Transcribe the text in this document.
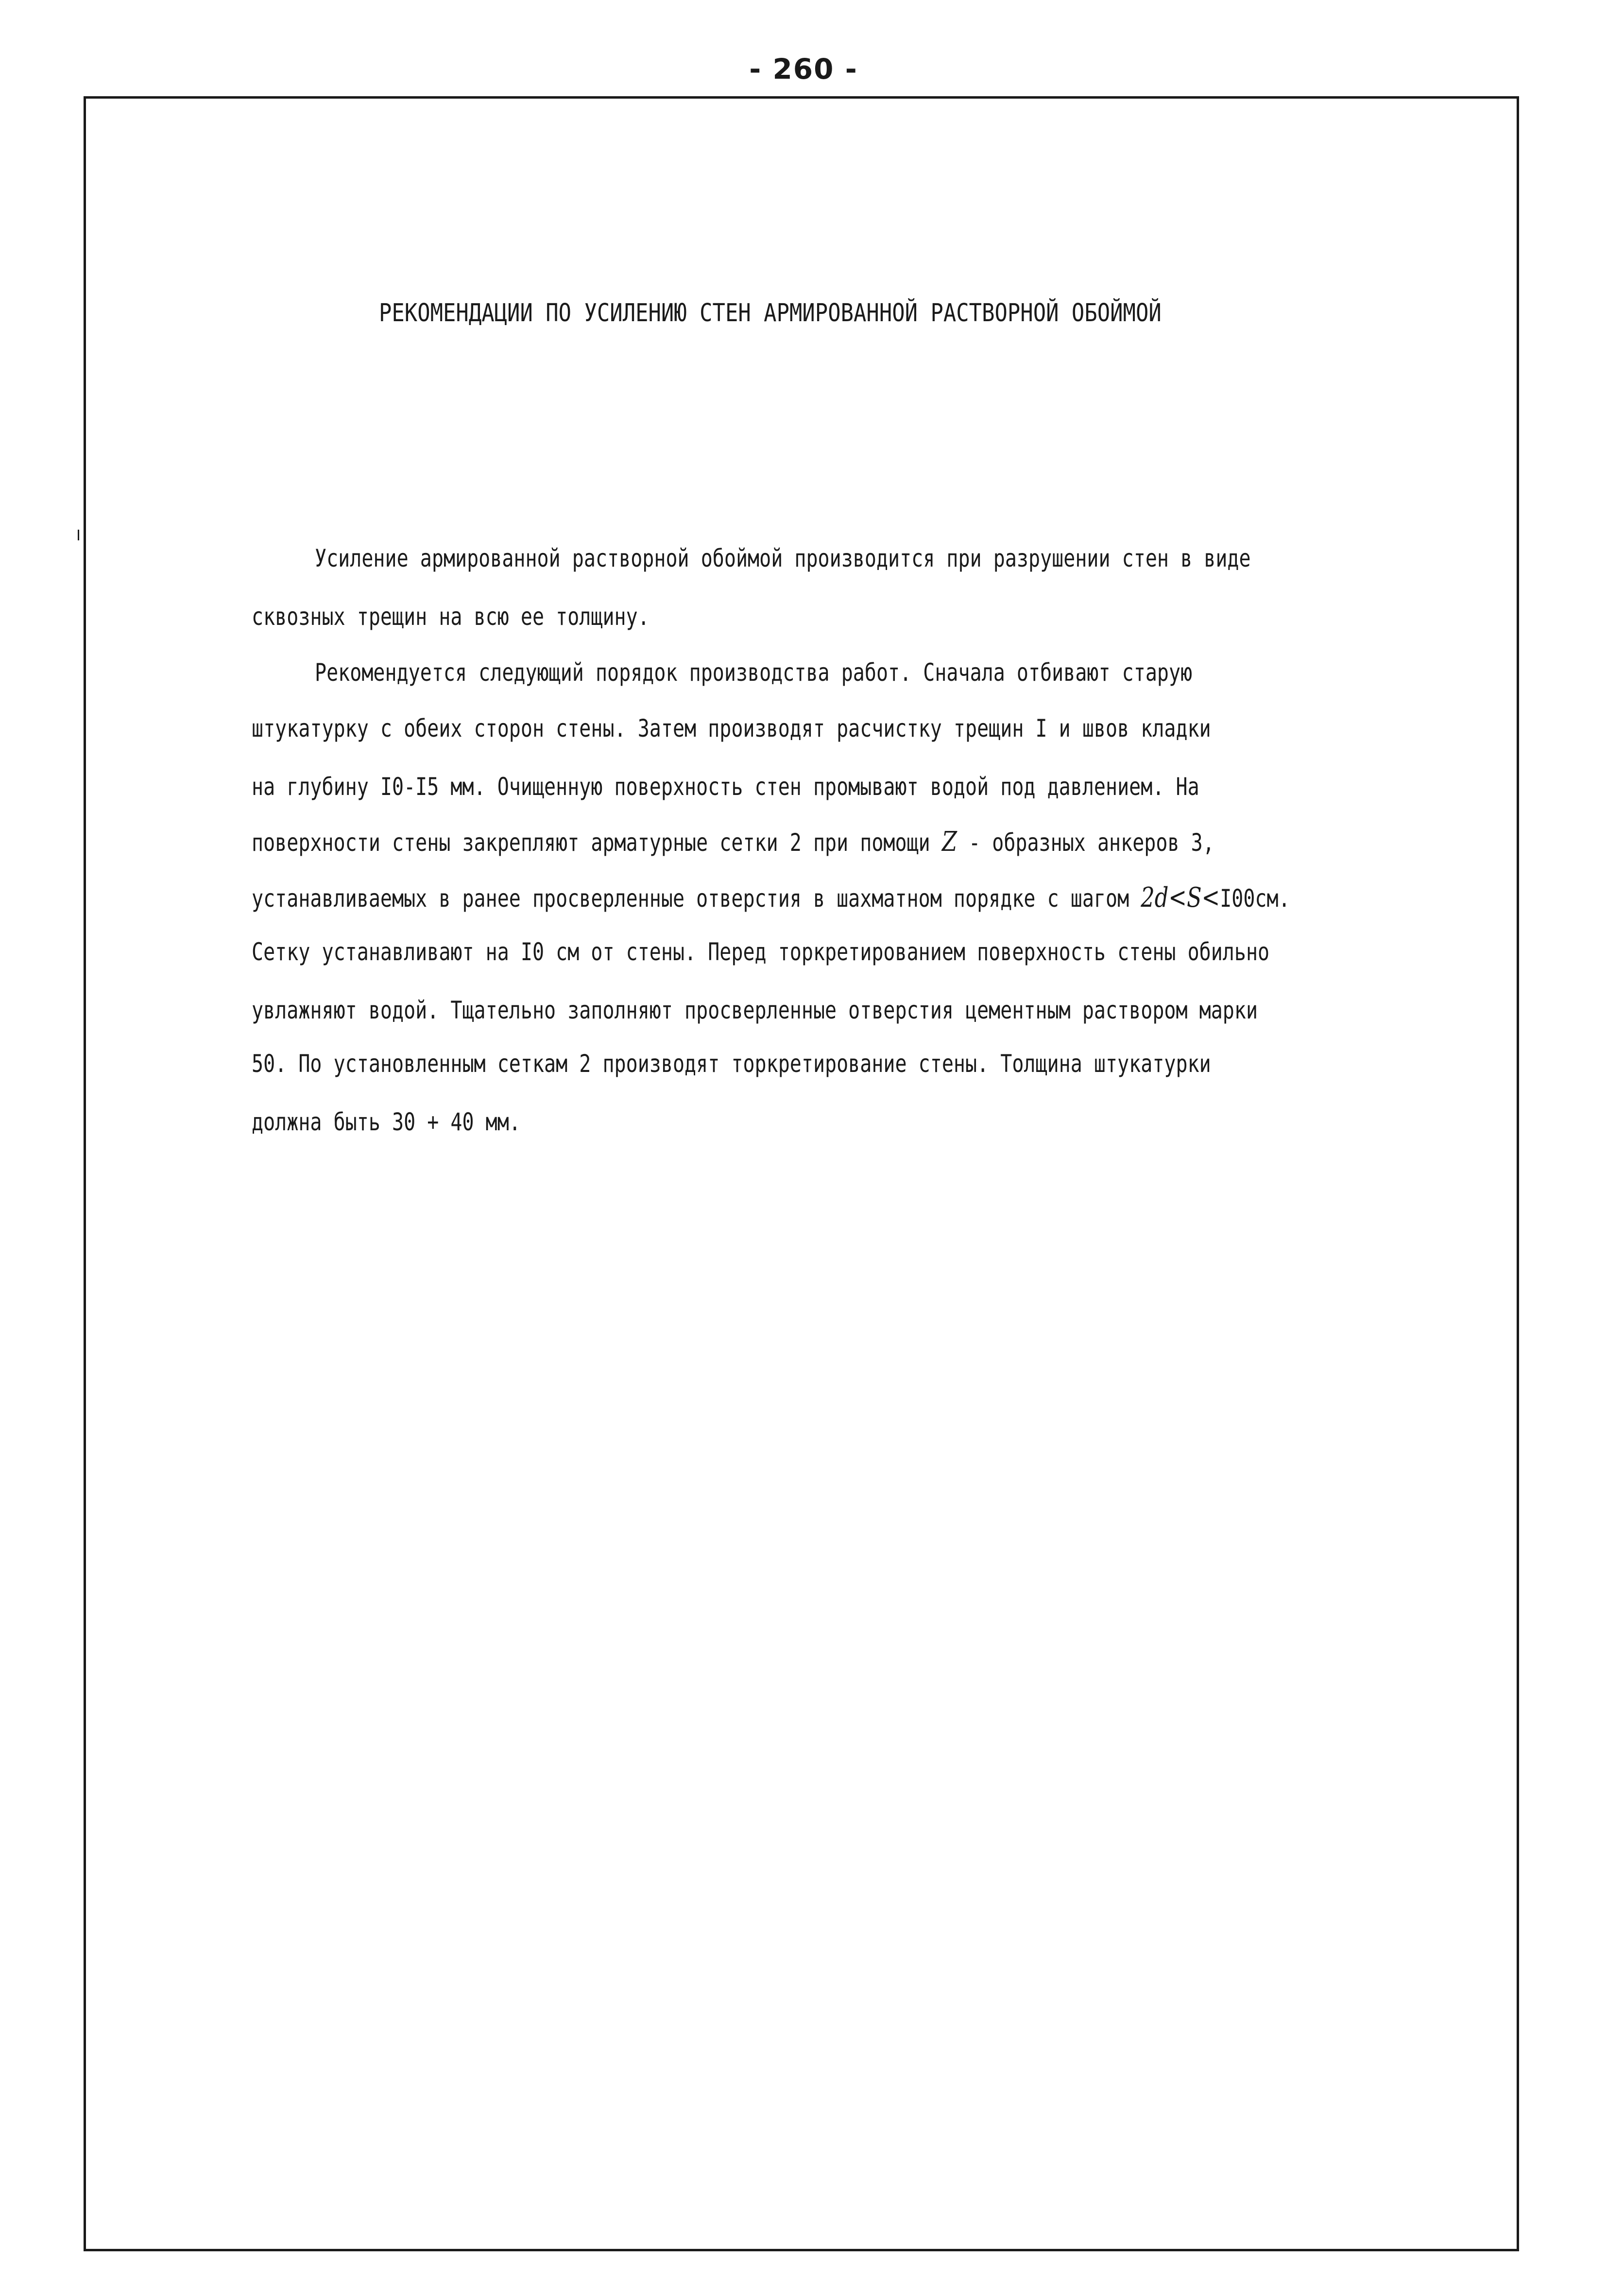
- 260 -
РЕКОМЕНДАЦИИ ПО УСИЛЕНИЮ СТЕН АРМИРОВАННОЙ РАСТВОРНОЙ ОБОЙМОЙ
Усиление армированной растворной обоймой производится при разрушении стен в виде
сквозных трещин на всю ее толщину.
Рекомендуется следующий порядок производства работ. Сначала отбивают старую
штукатурку с обеих сторон стены. Затем производят расчистку трещин I и швов кладки
на глубину I0-I5 мм. Очищенную поверхность стен промывают водой под давлением. На
поверхности стены закрепляют арматурные сетки 2 при помощи Z - образных анкеров 3,
устанавливаемых в ранее просверленные отверстия в шахматном порядке с шагом 2d<S<I00см.
Сетку устанавливают на I0 см от стены. Перед торкретированием поверхность стены обильно
увлажняют водой. Тщательно заполняют просверленные отверстия цементным раствором марки
50. По установленным сеткам 2 производят торкретирование стены. Толщина штукатурки
должна быть 30 + 40 мм.
